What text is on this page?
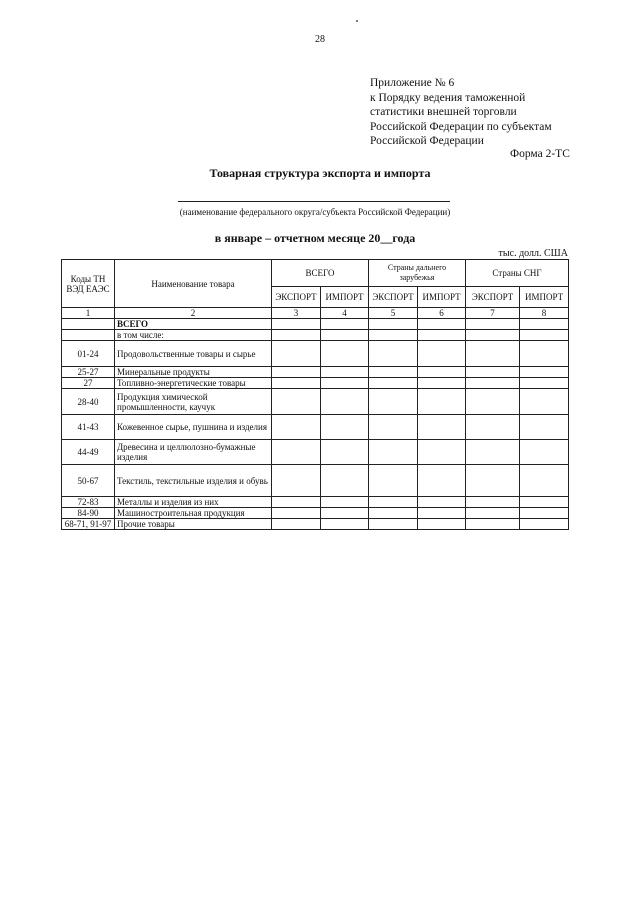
28
Приложение № 6
к Порядку ведения таможенной
статистики внешней торговли
Российской Федерации по субъектам
Российской Федерации
Форма 2-ТС
Товарная структура экспорта и импорта
(наименование федерального округа/субъекта Российской Федерации)
в январе – отчетном месяце 20__года
тыс. долл. США
Коды ТН ВЭД ЕАЭС	Наименование товара	ВСЕГО		Страны дальнего зарубежья		Страны СНГ	
		ЭКСПОРТ	ИМПОРТ	ЭКСПОРТ	ИМПОРТ	ЭКСПОРТ	ИМПОРТ
1	2	3	4	5	6	7	8
	ВСЕГО						
	в том числе:						
01-24	Продовольственные товары и сырье						
25-27	Минеральные продукты						
27	Топливно-энергетические товары						
28-40	Продукция химической промышленности, каучук						
41-43	Кожевенное сырье, пушнина и изделия						
44-49	Древесина и целлюлозно-бумажные изделия						
50-67	Текстиль, текстильные изделия и обувь						
72-83	Металлы и изделия из них						
84-90	Машиностроительная продукция						
68-71, 91-97	Прочие товары						
